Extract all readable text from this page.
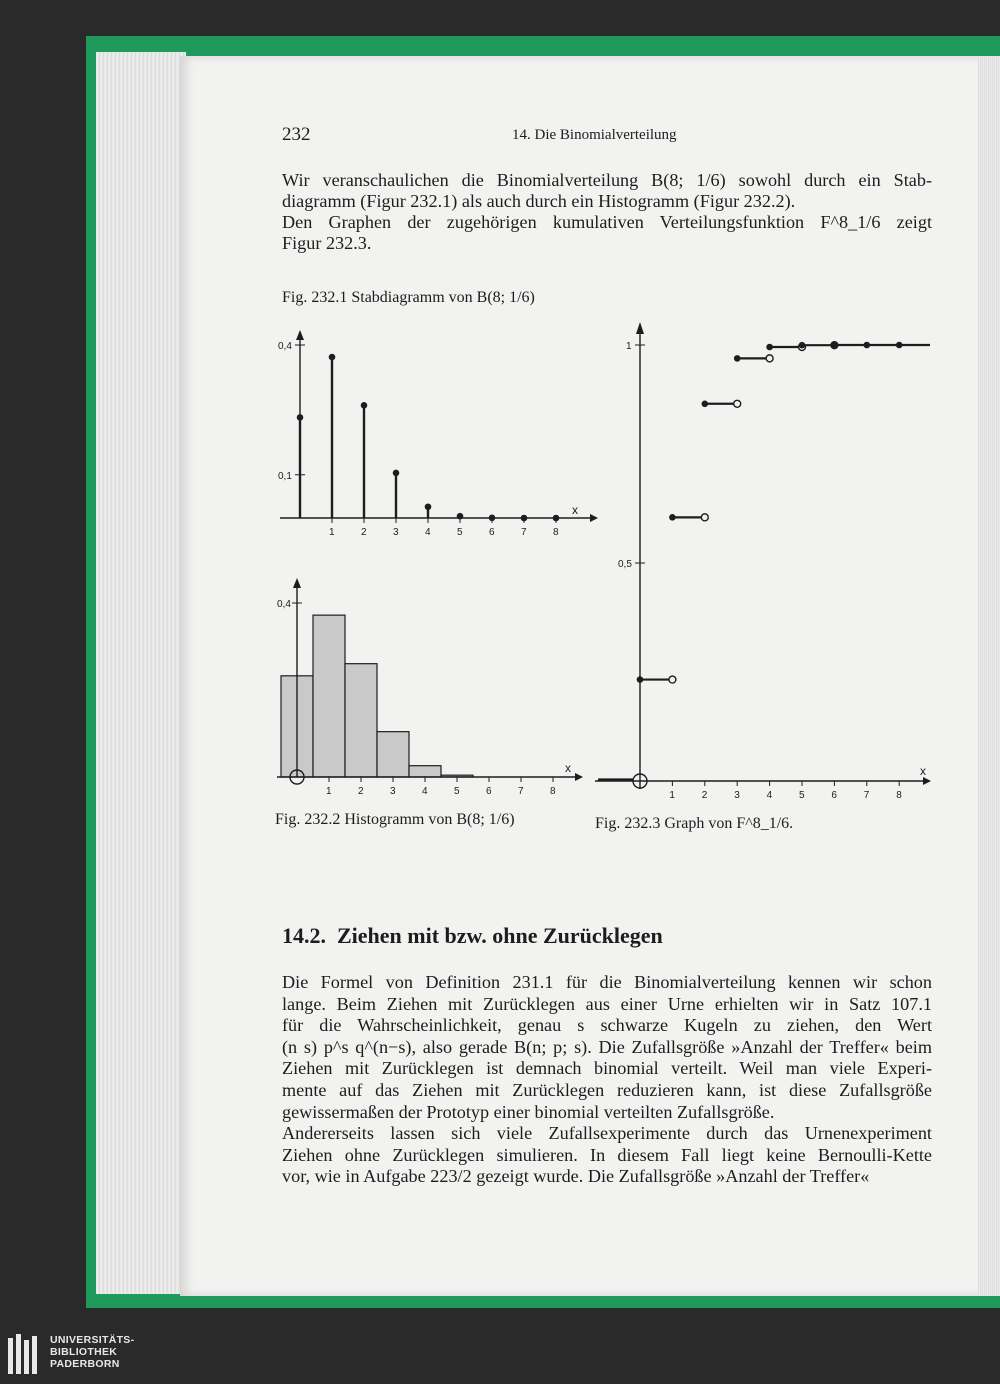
232	14. Die Binomialverteilung
Wir veranschaulichen die Binomialverteilung B(8; 1/6) sowohl durch ein Stab-
diagramm (Figur 232.1) als auch durch ein Histogramm (Figur 232.2).
Den Graphen der zugehörigen kumulativen Verteilungsfunktion F^8_1/6 zeigt
Figur 232.3.
Fig. 232.1 Stabdiagramm von B(8; 1/6)
Fig. 232.2 Histogramm von B(8; 1/6)	Fig. 232.3 Graph von F^8_1/6.
x
0,4
0,1
1	2	3	4	5	6	7	8
x
0,4
1	2	3	4	5	6	7	8
x
1
0,5
1	2	3	4	5	6	7	8
14.2. Ziehen mit bzw. ohne Zurücklegen
Die Formel von Definition 231.1 für die Binomialverteilung kennen wir schon
lange. Beim Ziehen mit Zurücklegen aus einer Urne erhielten wir in Satz 107.1
für die Wahrscheinlichkeit, genau s schwarze Kugeln zu ziehen, den Wert
(n s) p^s q^(n−s), also gerade B(n; p; s). Die Zufallsgröße »Anzahl der Treffer« beim
Ziehen mit Zurücklegen ist demnach binomial verteilt. Weil man viele Experi-
mente auf das Ziehen mit Zurücklegen reduzieren kann, ist diese Zufallsgröße
gewissermaßen der Prototyp einer binomial verteilten Zufallsgröße.
Andererseits lassen sich viele Zufallsexperimente durch das Urnenexperiment
Ziehen ohne Zurücklegen simulieren. In diesem Fall liegt keine Bernoulli-Kette
vor, wie in Aufgabe 223/2 gezeigt wurde. Die Zufallsgröße »Anzahl der Treffer«
UNIVERSITÄTS-
BIBLIOTHEK
PADERBORN
